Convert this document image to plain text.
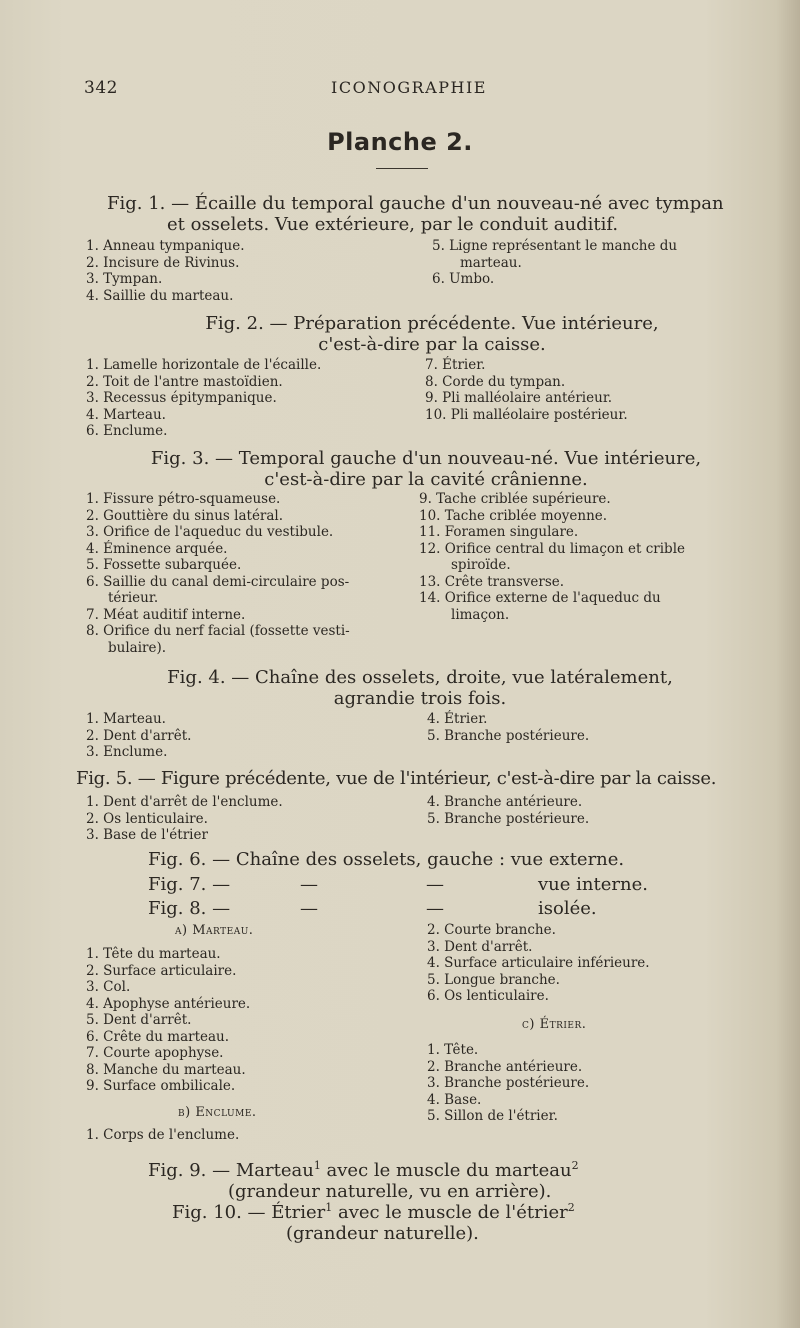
342	ICONOGRAPHIE
Planche 2.
Fig. 1. — Écaille du temporal gauche d'un nouveau-né avec tympan
et osselets. Vue extérieure, par le conduit auditif.
1. Anneau tympanique.
2. Incisure de Rivinus.
3. Tympan.
4. Saillie du marteau.
5. Ligne représentant le manche du
marteau.
6. Umbo.
Fig. 2. — Préparation précédente. Vue intérieure,
c'est-à-dire par la caisse.
1. Lamelle horizontale de l'écaille.
2. Toit de l'antre mastoïdien.
3. Recessus épitympanique.
4. Marteau.
6. Enclume.
7. Étrier.
8. Corde du tympan.
9. Pli malléolaire antérieur.
10. Pli malléolaire postérieur.
Fig. 3. — Temporal gauche d'un nouveau-né. Vue intérieure,
c'est-à-dire par la cavité crânienne.
1. Fissure pétro-squameuse.
2. Gouttière du sinus latéral.
3. Orifice de l'aqueduc du vestibule.
4. Éminence arquée.
5. Fossette subarquée.
6. Saillie du canal demi-circulaire pos-
térieur.
7. Méat auditif interne.
8. Orifice du nerf facial (fossette vesti-
bulaire).
9. Tache criblée supérieure.
10. Tache criblée moyenne.
11. Foramen singulare.
12. Orifice central du limaçon et crible
spiroïde.
13. Crête transverse.
14. Orifice externe de l'aqueduc du
limaçon.
Fig. 4. — Chaîne des osselets, droite, vue latéralement,
agrandie trois fois.
1. Marteau.
2. Dent d'arrêt.
3. Enclume.
4. Étrier.
5. Branche postérieure.
Fig. 5. — Figure précédente, vue de l'intérieur, c'est-à-dire par la caisse.
1. Dent d'arrêt de l'enclume.
2. Os lenticulaire.
3. Base de l'étrier
4. Branche antérieure.
5. Branche postérieure.
Fig. 6. — Chaîne des osselets, gauche : vue externe.
Fig. 7. —	—	—	vue interne.
Fig. 8. —	—	—	isolée.
a) Marteau.
1. Tête du marteau.
2. Surface articulaire.
3. Col.
4. Apophyse antérieure.
5. Dent d'arrêt.
6. Crête du marteau.
7. Courte apophyse.
8. Manche du marteau.
9. Surface ombilicale.
b) Enclume.
1. Corps de l'enclume.
2. Courte branche.
3. Dent d'arrêt.
4. Surface articulaire inférieure.
5. Longue branche.
6. Os lenticulaire.
c) Étrier.
1. Tête.
2. Branche antérieure.
3. Branche postérieure.
4. Base.
5. Sillon de l'étrier.
Fig. 9. — Marteau$^1$ avec le muscle du marteau$^2$
(grandeur naturelle, vu en arrière).
Fig. 10. — Étrier$^1$ avec le muscle de l'étrier$^2$
(grandeur naturelle).
